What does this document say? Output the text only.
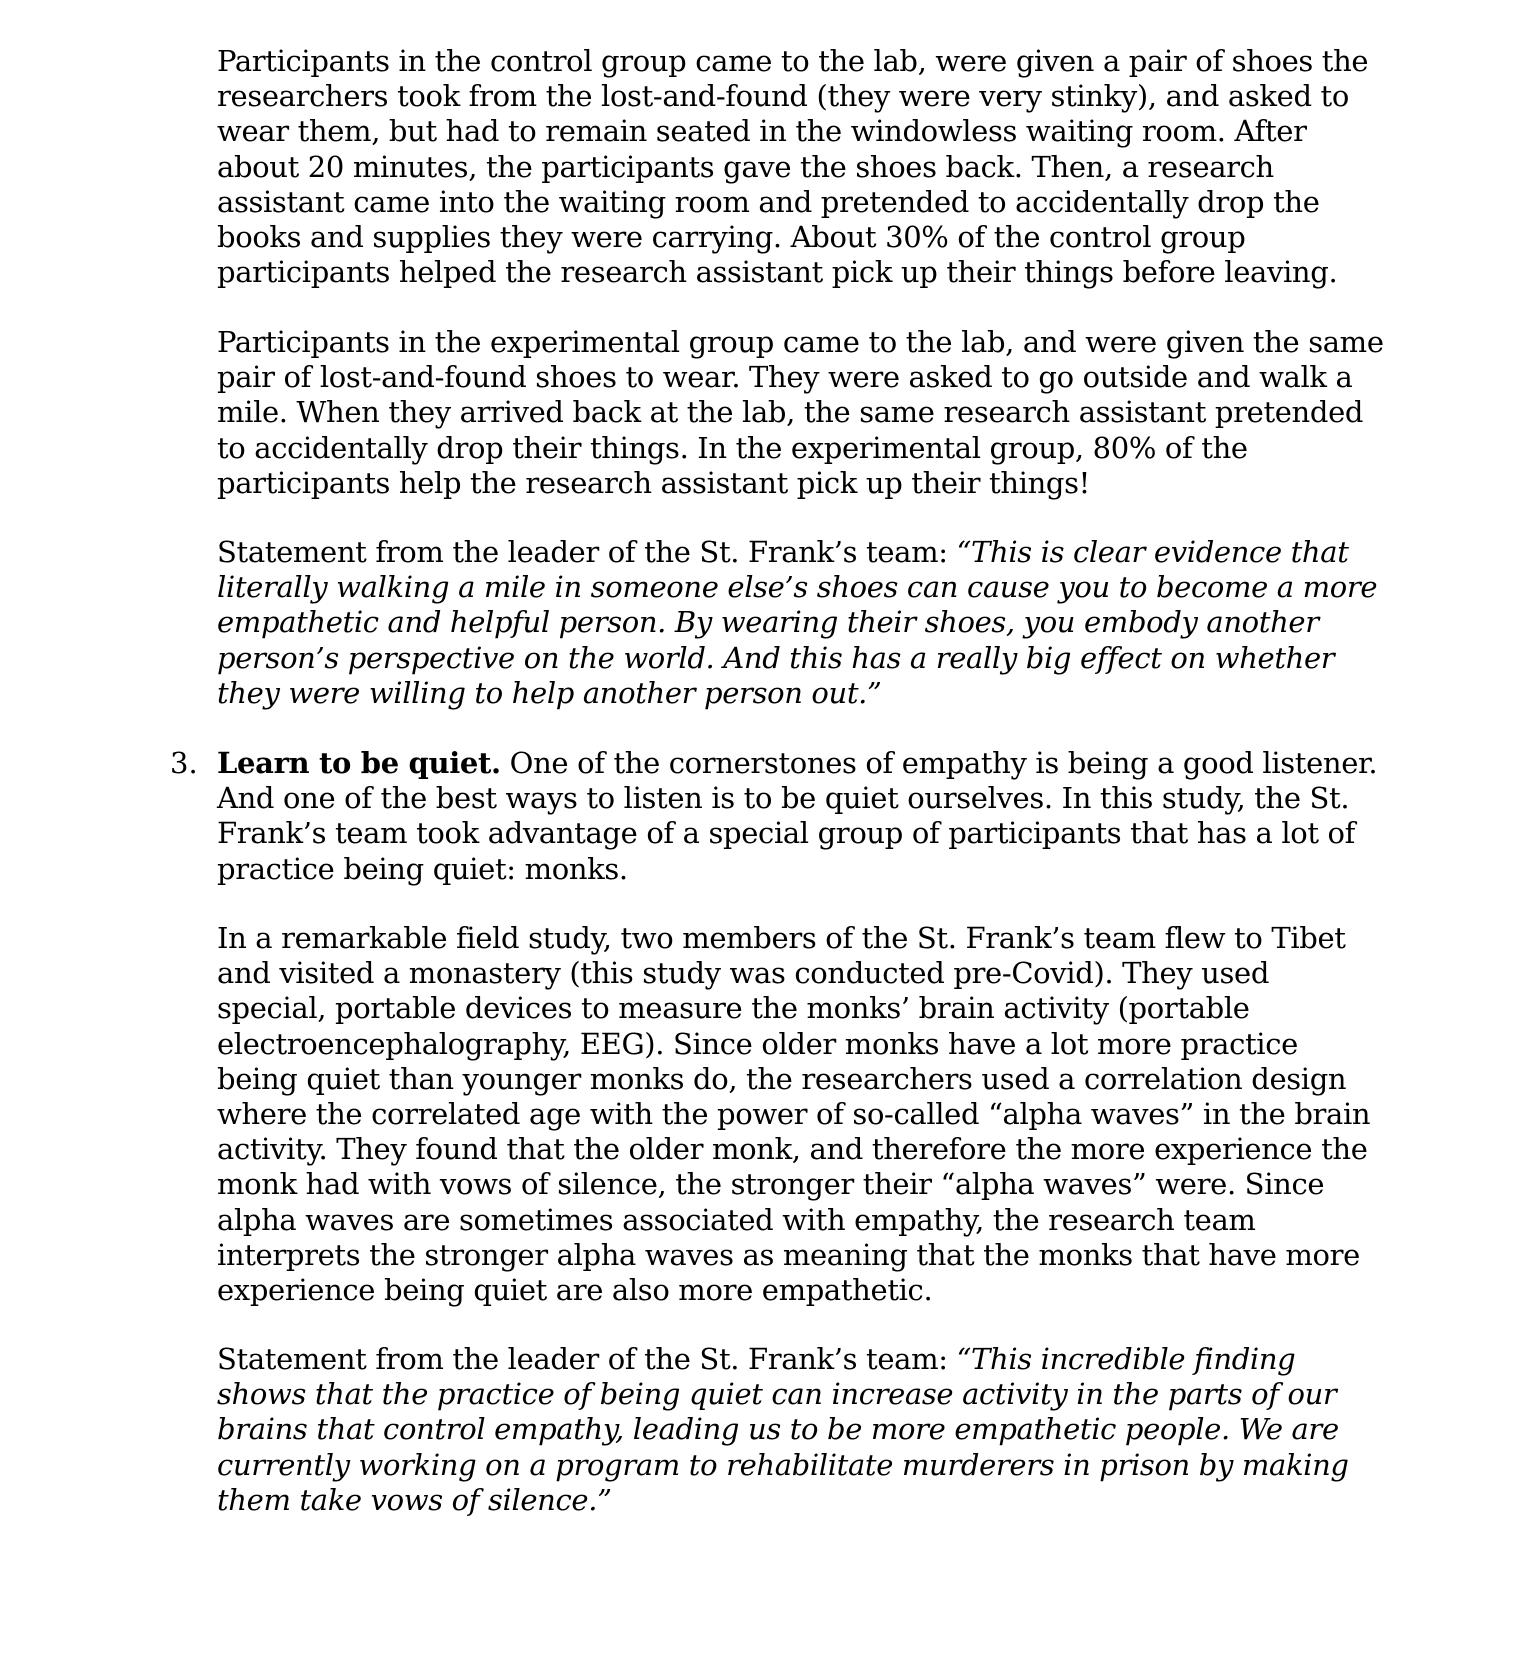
Participants in the control group came to the lab, were given a pair of shoes the researchers took from the lost-and-found (they were very stinky), and asked to wear them, but had to remain seated in the windowless waiting room. After about 20 minutes, the participants gave the shoes back. Then, a research assistant came into the waiting room and pretended to accidentally drop the books and supplies they were carrying. About 30% of the control group participants helped the research assistant pick up their things before leaving.

Participants in the experimental group came to the lab, and were given the same pair of lost-and-found shoes to wear. They were asked to go outside and walk a mile. When they arrived back at the lab, the same research assistant pretended to accidentally drop their things. In the experimental group, 80% of the participants help the research assistant pick up their things!

Statement from the leader of the St. Frank’s team: “This is clear evidence that literally walking a mile in someone else’s shoes can cause you to become a more empathetic and helpful person. By wearing their shoes, you embody another person’s perspective on the world. And this has a really big effect on whether they were willing to help another person out.”

3. Learn to be quiet. One of the cornerstones of empathy is being a good listener. And one of the best ways to listen is to be quiet ourselves. In this study, the St. Frank’s team took advantage of a special group of participants that has a lot of practice being quiet: monks.

In a remarkable field study, two members of the St. Frank’s team flew to Tibet and visited a monastery (this study was conducted pre-Covid). They used special, portable devices to measure the monks’ brain activity (portable electroencephalography, EEG). Since older monks have a lot more practice being quiet than younger monks do, the researchers used a correlation design where the correlated age with the power of so-called “alpha waves” in the brain activity. They found that the older monk, and therefore the more experience the monk had with vows of silence, the stronger their “alpha waves” were. Since alpha waves are sometimes associated with empathy, the research team interprets the stronger alpha waves as meaning that the monks that have more experience being quiet are also more empathetic.

Statement from the leader of the St. Frank’s team: “This incredible finding shows that the practice of being quiet can increase activity in the parts of our brains that control empathy, leading us to be more empathetic people. We are currently working on a program to rehabilitate murderers in prison by making them take vows of silence.”
